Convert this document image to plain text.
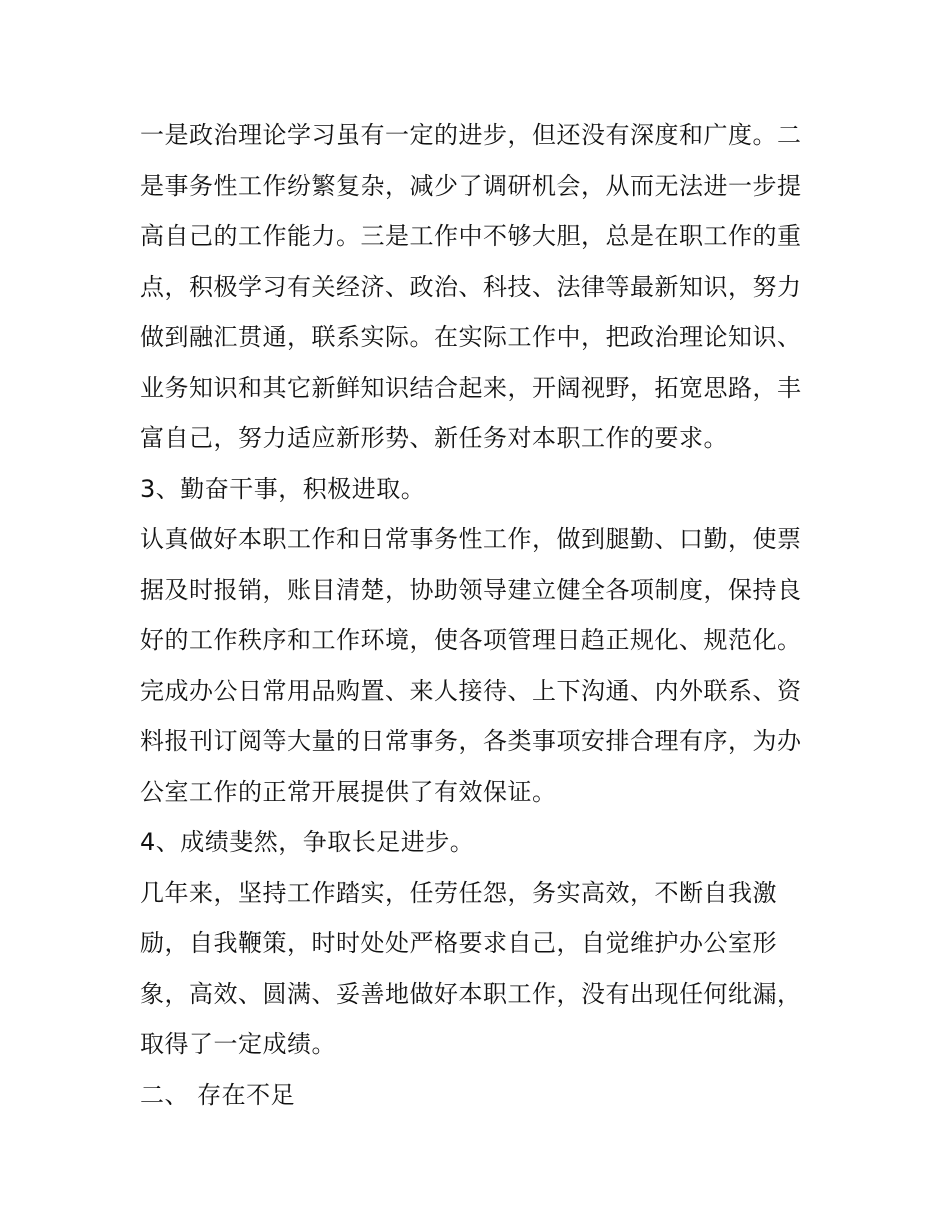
一是政治理论学习虽有一定的进步，但还没有深度和广度。二
是事务性工作纷繁复杂，减少了调研机会，从而无法进一步提
高自己的工作能力。三是工作中不够大胆，总是在职工作的重
点，积极学习有关经济、政治、科技、法律等最新知识，努力
做到融汇贯通，联系实际。在实际工作中，把政治理论知识、
业务知识和其它新鲜知识结合起来，开阔视野，拓宽思路，丰
富自己，努力适应新形势、新任务对本职工作的要求。
3、勤奋干事，积极进取。
认真做好本职工作和日常事务性工作，做到腿勤、口勤，使票
据及时报销，账目清楚，协助领导建立健全各项制度，保持良
好的工作秩序和工作环境，使各项管理日趋正规化、规范化。
完成办公日常用品购置、来人接待、上下沟通、内外联系、资
料报刊订阅等大量的日常事务，各类事项安排合理有序，为办
公室工作的正常开展提供了有效保证。
4、成绩斐然，争取长足进步。
几年来，坚持工作踏实，任劳任怨，务实高效，不断自我激
励，自我鞭策，时时处处严格要求自己，自觉维护办公室形
象，高效、圆满、妥善地做好本职工作，没有出现任何纰漏，
取得了一定成绩。
二、 存在不足
